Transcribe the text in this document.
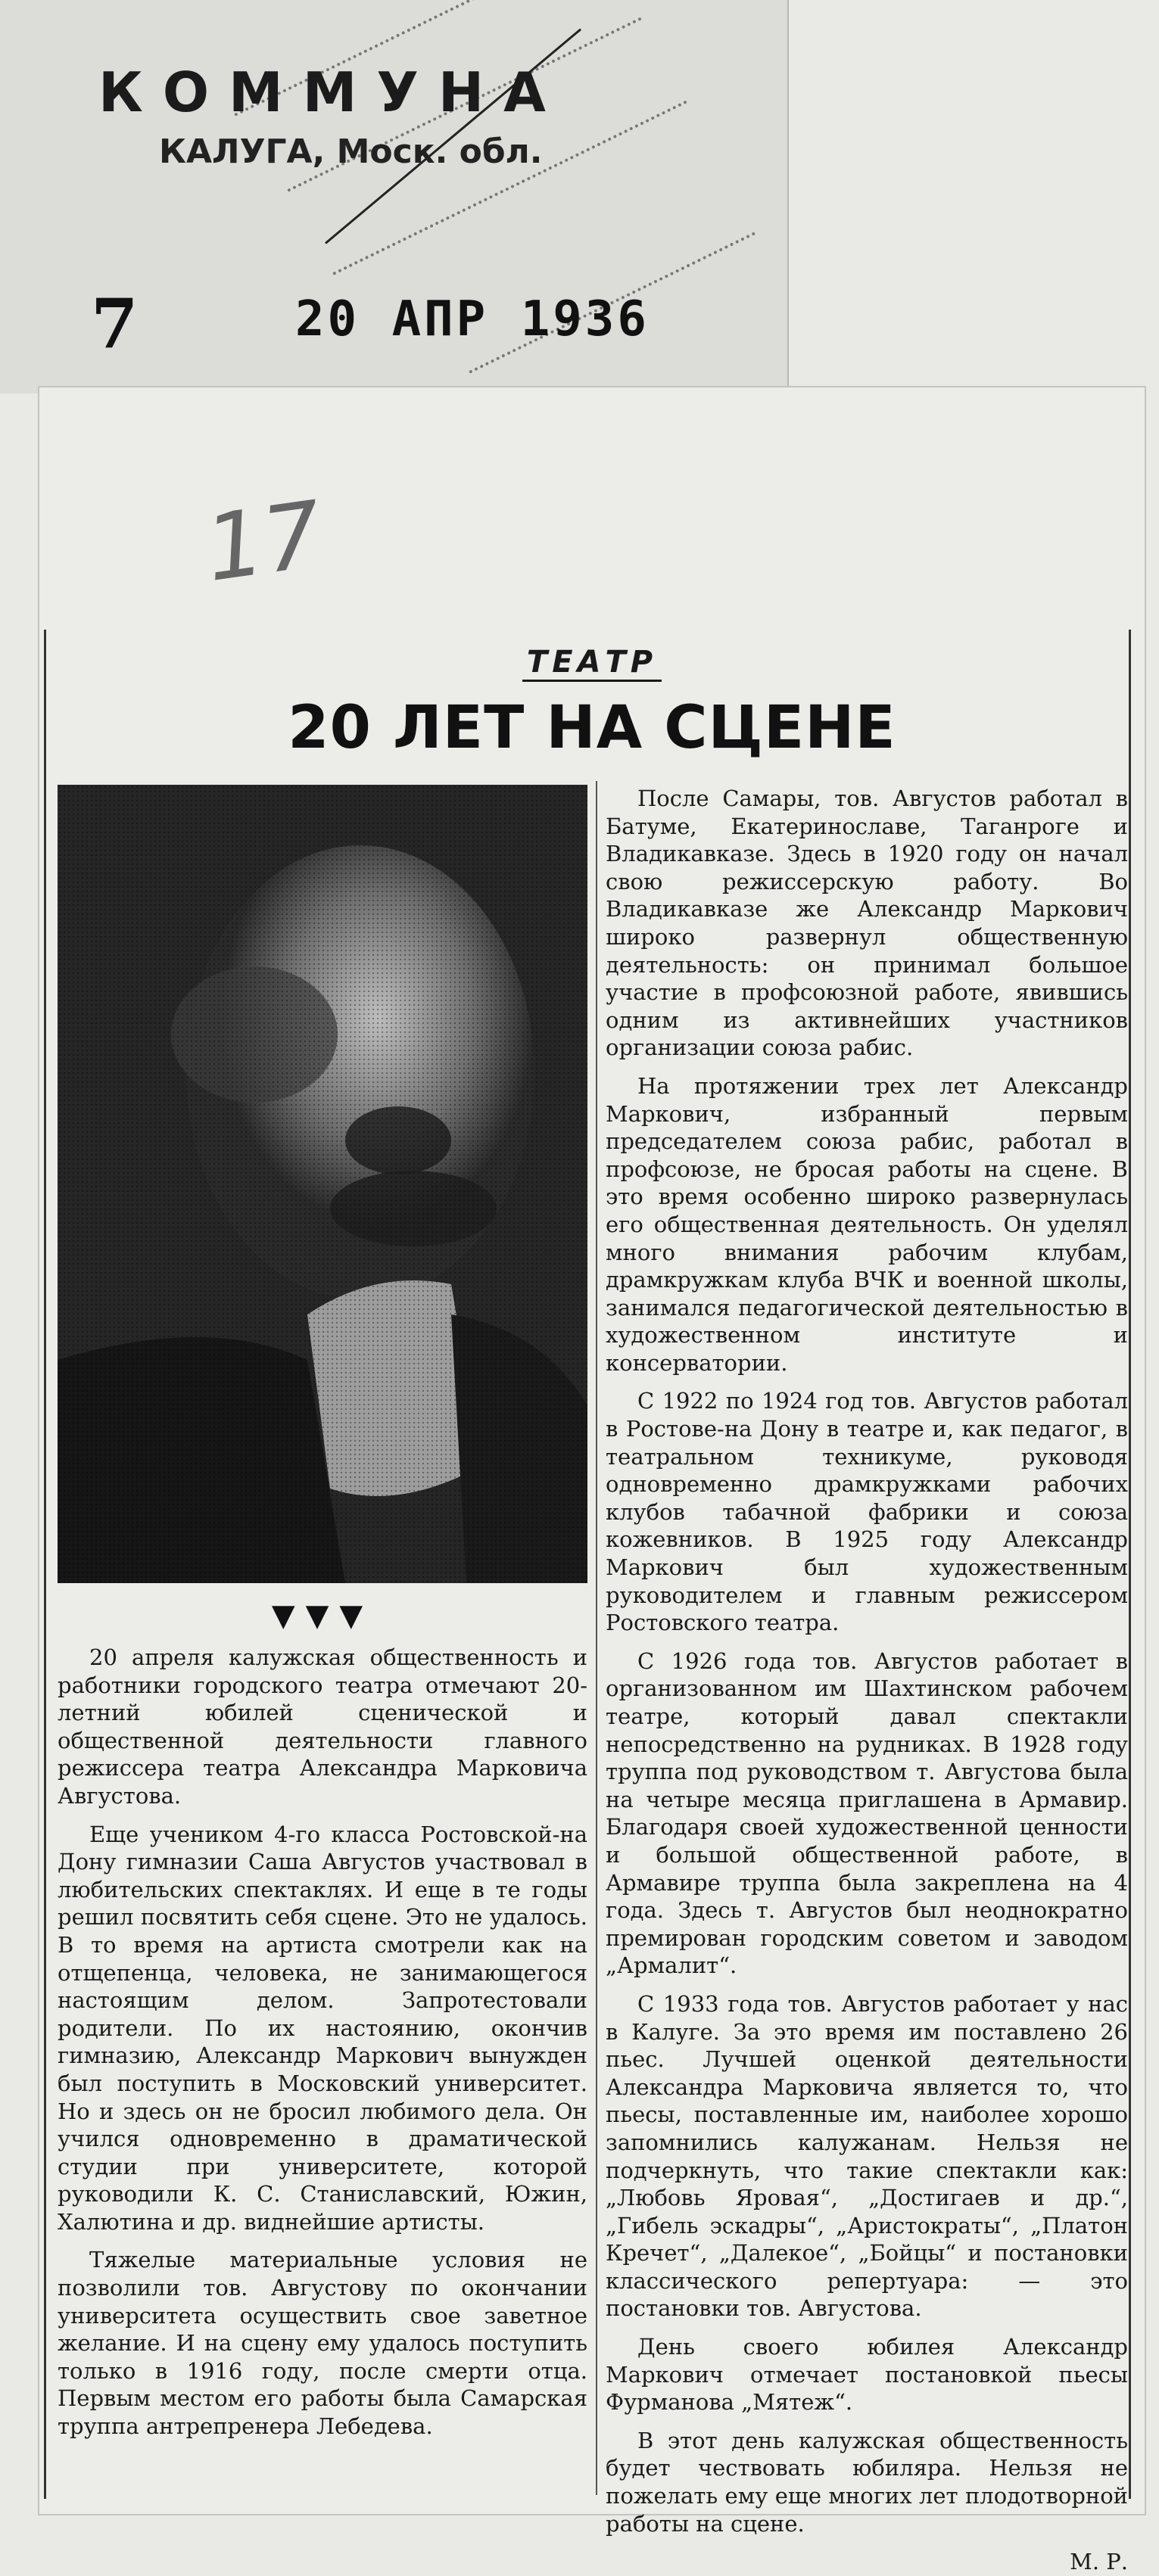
КОММУНА
КАЛУГА, Моск. обл.
7	20 АПР 1936
17
ТЕАТР
20 ЛЕТ НА СЦЕНЕ
▼▼▼

20 апреля калужская общественность и работники городского театра отмечают 20-летний юбилей сценической и общественной деятельности главного режиссера театра Александра Марковича Августова.

Еще учеником 4-го класса Ростовской-на Дону гимназии Саша Августов участвовал в любительских спектаклях. И еще в те годы решил посвятить себя сцене. Это не удалось. В то время на артиста смотрели как на отщепенца, человека, не занимающегося настоящим делом. Запротестовали родители. По их настоянию, окончив гимназию, Александр Маркович вынужден был поступить в Московский университет. Но и здесь он не бросил любимого дела. Он учился одновременно в драматической студии при университете, которой руководили К. С. Станиславский, Южин, Халютина и др. виднейшие артисты.

Тяжелые материальные условия не позволили тов. Августову по окончании университета осуществить свое заветное желание. И на сцену ему удалось поступить только в 1916 году, после смерти отца. Первым местом его работы была Самарская труппа антрепренера Лебедева.

После Самары, тов. Августов работал в Батуме, Екатеринославе, Таганроге и Владикавказе. Здесь в 1920 году он начал свою режиссерскую работу. Во Владикавказе же Александр Маркович широко развернул общественную деятельность: он принимал большое участие в профсоюзной работе, явившись одним из активнейших участников организации союза рабис.

На протяжении трех лет Александр Маркович, избранный первым председателем союза рабис, работал в профсоюзе, не бросая работы на сцене. В это время особенно широко развернулась его общественная деятельность. Он уделял много внимания рабочим клубам, драмкружкам клуба ВЧК и военной школы, занимался педагогической деятельностью в художественном институте и консерватории.

С 1922 по 1924 год тов. Августов работал в Ростове-на Дону в театре и, как педагог, в театральном техникуме, руководя одновременно драмкружками рабочих клубов табачной фабрики и союза кожевников. В 1925 году Александр Маркович был художественным руководителем и главным режиссером Ростовского театра.

С 1926 года тов. Августов работает в организованном им Шахтинском рабочем театре, который давал спектакли непосредственно на рудниках. В 1928 году труппа под руководством т. Августова была на четыре месяца приглашена в Армавир. Благодаря своей художественной ценности и большой общественной работе, в Армавире труппа была закреплена на 4 года. Здесь т. Августов был неоднократно премирован городским советом и заводом „Армалит“.

С 1933 года тов. Августов работает у нас в Калуге. За это время им поставлено 26 пьес. Лучшей оценкой деятельности Александра Марковича является то, что пьесы, поставленные им, наиболее хорошо запомнились калужанам. Нельзя не подчеркнуть, что такие спектакли как: „Любовь Яровая“, „Достигаев и др.“, „Гибель эскадры“, „Аристократы“, „Платон Кречет“, „Далекое“, „Бойцы“ и постановки классического репертуара: — это постановки тов. Августова.

День своего юбилея Александр Маркович отмечает постановкой пьесы Фурманова „Мятеж“.

В этот день калужская общественность будет чествовать юбиляра. Нельзя не пожелать ему еще многих лет плодотворной работы на сцене.

М. Р.
